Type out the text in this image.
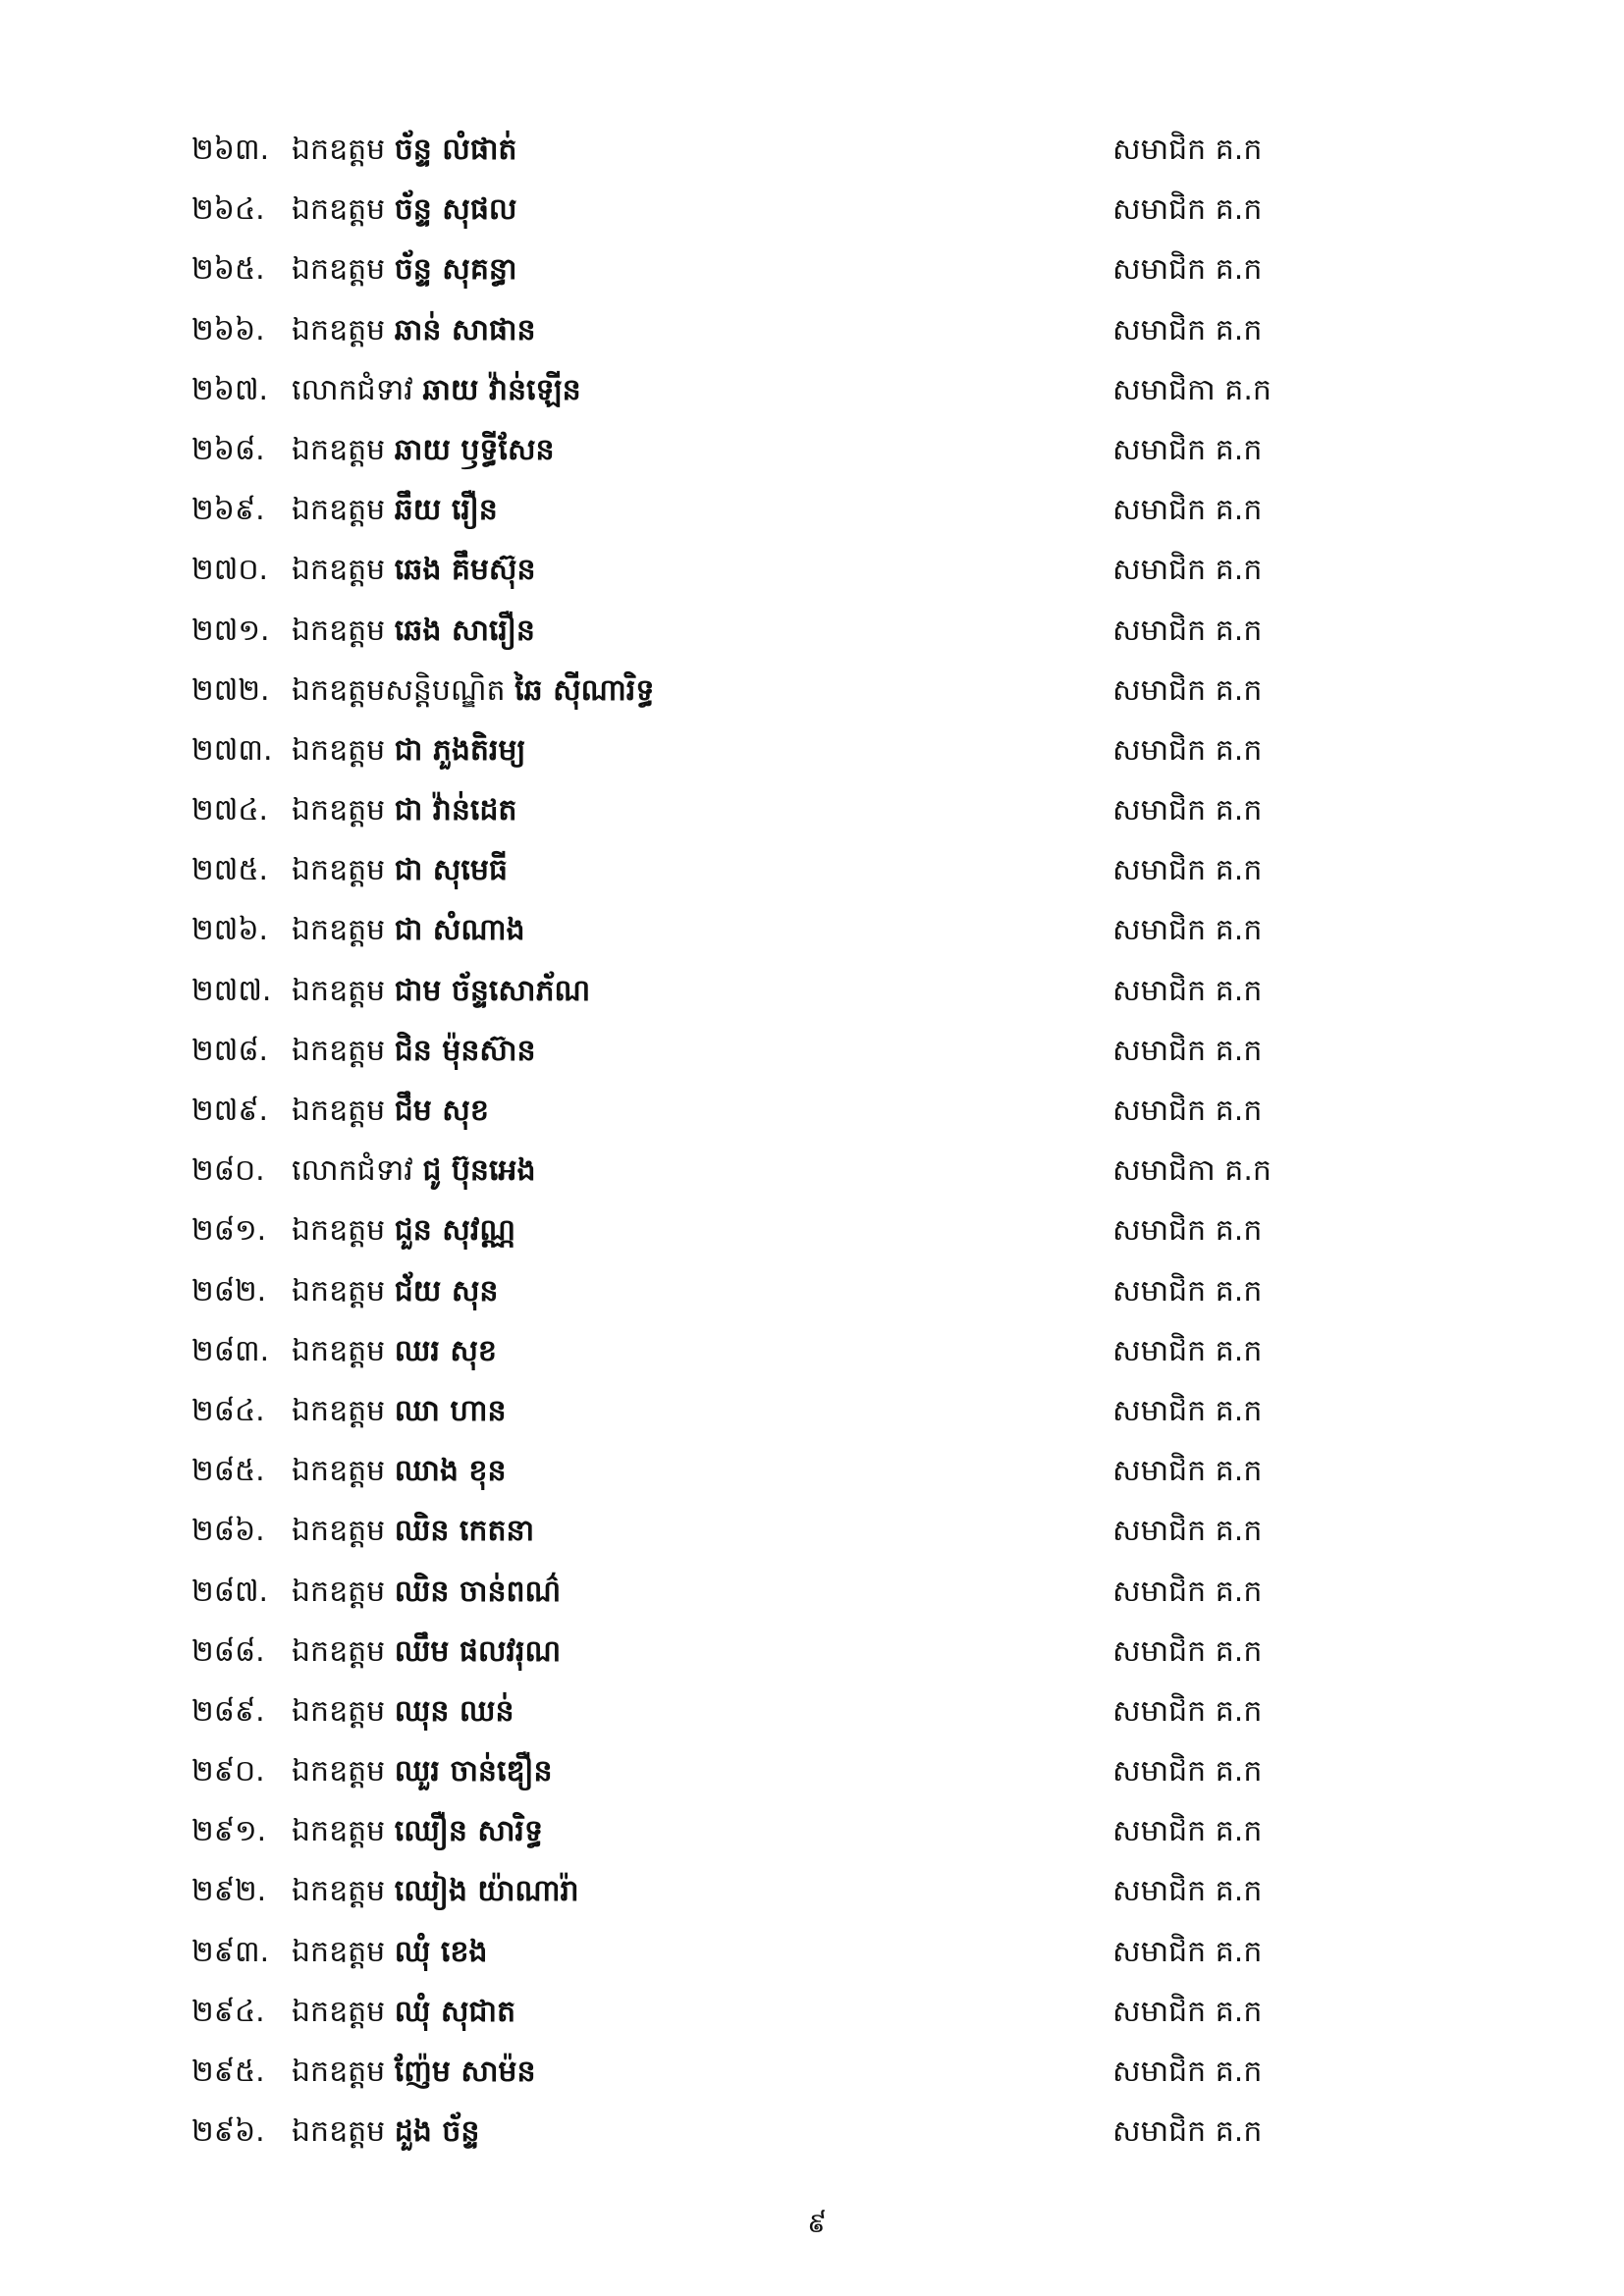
២៦៣. ឯកឧត្តម ច័ន្ទ លំផាត់	សមាជិក គ.ក
២៦៤. ឯកឧត្តម ច័ន្ទ សុផល	សមាជិក គ.ក
២៦៥. ឯកឧត្តម ច័ន្ទ សុគន្ធា	សមាជិក គ.ក
២៦៦. ឯកឧត្តម ឆាន់ សាផាន	សមាជិក គ.ក
២៦៧. លោកជំទាវ ឆាយ វ៉ាន់ឡើន	សមាជិកា គ.ក
២៦៨. ឯកឧត្តម ឆាយ ឫទ្ធីសែន	សមាជិក គ.ក
២៦៩. ឯកឧត្តម ឆឹយ រឿន	សមាជិក គ.ក
២៧០. ឯកឧត្តម ឆេង គឹមស៊ុន	សមាជិក គ.ក
២៧១. ឯកឧត្តម ឆេង សារឿន	សមាជិក គ.ក
២៧២. ឯកឧត្តមសន្តិបណ្ឌិត ឆៃ ស៊ីណារិទ្ធ	សមាជិក គ.ក
២៧៣. ឯកឧត្តម ជា ភួងតិរម្យ	សមាជិក គ.ក
២៧៤. ឯកឧត្តម ជា វ៉ាន់ដេត	សមាជិក គ.ក
២៧៥. ឯកឧត្តម ជា សុមេធី	សមាជិក គ.ក
២៧៦. ឯកឧត្តម ជា សំណាង	សមាជិក គ.ក
២៧៧. ឯកឧត្តម ជាម ច័ន្ទសោភ័ណ	សមាជិក គ.ក
២៧៨. ឯកឧត្តម ជិន ម៉ុនស៊ាន	សមាជិក គ.ក
២៧៩. ឯកឧត្តម ជឹម សុខ	សមាជិក គ.ក
២៨០. លោកជំទាវ ជូ ប៊ុនអេង	សមាជិកា គ.ក
២៨១. ឯកឧត្តម ជួន សុវណ្ណ	សមាជិក គ.ក
២៨២. ឯកឧត្តម ជ័យ សុន	សមាជិក គ.ក
២៨៣. ឯកឧត្តម ឈរ សុខ	សមាជិក គ.ក
២៨៤. ឯកឧត្តម ឈា ហាន	សមាជិក គ.ក
២៨៥. ឯកឧត្តម ឈាង ខុន	សមាជិក គ.ក
២៨៦. ឯកឧត្តម ឈិន កេតនា	សមាជិក គ.ក
២៨៧. ឯកឧត្តម ឈិន ចាន់ពណ៌	សមាជិក គ.ក
២៨៨. ឯកឧត្តម ឈឹម ផលវរុណ	សមាជិក គ.ក
២៨៩. ឯកឧត្តម ឈុន ឈន់	សមាជិក គ.ក
២៩០. ឯកឧត្តម ឈួរ ចាន់ឌឿន	សមាជិក គ.ក
២៩១. ឯកឧត្តម ឈឿន សារិទ្ធ	សមាជិក គ.ក
២៩២. ឯកឧត្តម ឈៀង យ៉ាណារ៉ា	សមាជិក គ.ក
២៩៣. ឯកឧត្តម ឈុំ ខេង	សមាជិក គ.ក
២៩៤. ឯកឧត្តម ឈុំ សុជាត	សមាជិក គ.ក
២៩៥. ឯកឧត្តម ញ៉ែម សាម៉ន	សមាជិក គ.ក
២៩៦. ឯកឧត្តម ដួង ច័ន្ទ	សមាជិក គ.ក
៩
